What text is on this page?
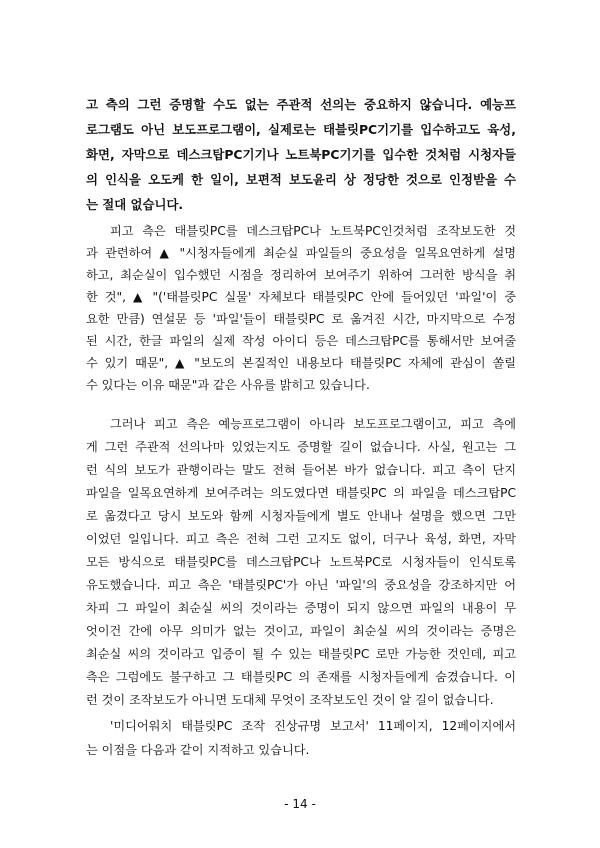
고 측의 그런 증명할 수도 없는 주관적 선의는 중요하지 않습니다. 예능프
로그램도 아닌 보도프로그램이, 실제로는 태블릿PC기기를 입수하고도 육성,
화면, 자막으로 데스크탑PC기기나 노트북PC기기를 입수한 것처럼 시청자들
의 인식을 오도케 한 일이, 보편적 보도윤리 상 정당한 것으로 인정받을 수
는 절대 없습니다.
피고 측은 태블릿PC를 데스크탑PC나 노트북PC인것처럼 조작보도한 것
과 관련하여 ▲ "시청자들에게 최순실 파일들의 중요성을 일목요연하게 설명
하고, 최순실이 입수했던 시점을 정리하여 보여주기 위하여 그러한 방식을 취
한 것", ▲ "('태블릿PC 실물' 자체보다 태블릿PC 안에 들어있던 '파일'이 중
요한 만큼) 연설문 등 '파일'들이 태블릿PC 로 옮겨진 시간, 마지막으로 수정
된 시간, 한글 파일의 실제 작성 아이디 등은 데스크탑PC를 통해서만 보여줄
수 있기 때문", ▲ "보도의 본질적인 내용보다 태블릿PC 자체에 관심이 쏠릴
수 있다는 이유 때문"과 같은 사유를 밝히고 있습니다.
그러나 피고 측은 예능프로그램이 아니라 보도프로그램이고, 피고 측에
게 그런 주관적 선의나마 있었는지도 증명할 길이 없습니다. 사실, 원고는 그
런 식의 보도가 관행이라는 말도 전혀 들어본 바가 없습니다. 피고 측이 단지
파일을 일목요연하게 보여주려는 의도였다면 태블릿PC 의 파일을 데스크탑PC
로 옮겼다고 당시 보도와 함께 시청자들에게 별도 안내나 설명을 했으면 그만
이었던 일입니다. 피고 측은 전혀 그런 고지도 없이, 더구나 육성, 화면, 자막
모든 방식으로 태블릿PC를 데스크탑PC나 노트북PC로 시청자들이 인식토록
유도했습니다. 피고 측은 '태블릿PC'가 아닌 '파일'의 중요성을 강조하지만 어
차피 그 파일이 최순실 씨의 것이라는 증명이 되지 않으면 파일의 내용이 무
엇이건 간에 아무 의미가 없는 것이고, 파일이 최순실 씨의 것이라는 증명은
최순실 씨의 것이라고 입증이 될 수 있는 태블릿PC 로만 가능한 것인데, 피고
측은 그럼에도 불구하고 그 태블릿PC 의 존재를 시청자들에게 숨겼습니다. 이
런 것이 조작보도가 아니면 도대체 무엇이 조작보도인 것이 알 길이 없습니다.
'미디어워치 태블릿PC 조작 진상규명 보고서' 11페이지, 12페이지에서
는 이점을 다음과 같이 지적하고 있습니다.
- 14 -
